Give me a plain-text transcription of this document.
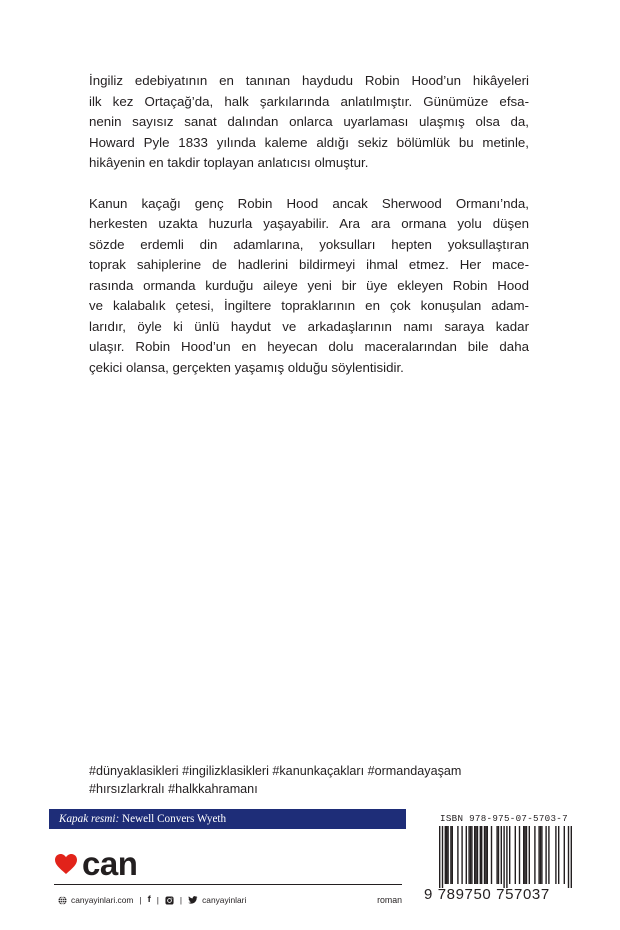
İngiliz edebiyatının en tanınan haydudu Robin Hood’un hikâyeleri
ilk kez Ortaçağ’da, halk şarkılarında anlatılmıştır. Günümüze efsa-
nenin sayısız sanat dalından onlarca uyarlaması ulaşmış olsa da,
Howard Pyle 1833 yılında kaleme aldığı sekiz bölümlük bu metinle,
hikâyenin en takdir toplayan anlatıcısı olmuştur.

Kanun kaçağı genç Robin Hood ancak Sherwood Ormanı’nda,
herkesten uzakta huzurla yaşayabilir. Ara ara ormana yolu düşen
sözde erdemli din adamlarına, yoksulları hepten yoksullaştıran
toprak sahiplerine de hadlerini bildirmeyi ihmal etmez. Her mace-
rasında ormanda kurduğu aileye yeni bir üye ekleyen Robin Hood
ve kalabalık çetesi, İngiltere topraklarının en çok konuşulan adam-
larıdır, öyle ki ünlü haydut ve arkadaşlarının namı saraya kadar
ulaşır. Robin Hood’un en heyecan dolu maceralarından bile daha
çekici olansa, gerçekten yaşamış olduğu söylentisidir.

#dünyaklasikleri #ingilizklasikleri #kanunkaçakları #ormandayaşam
#hırsızlarkralı #halkkahramanı
Kapak resmi: Newell Convers Wyeth
can
canyayinlari.com | f |	| canyayinlari	roman
ISBN 978-975-07-5703-7
9 789750 757037
